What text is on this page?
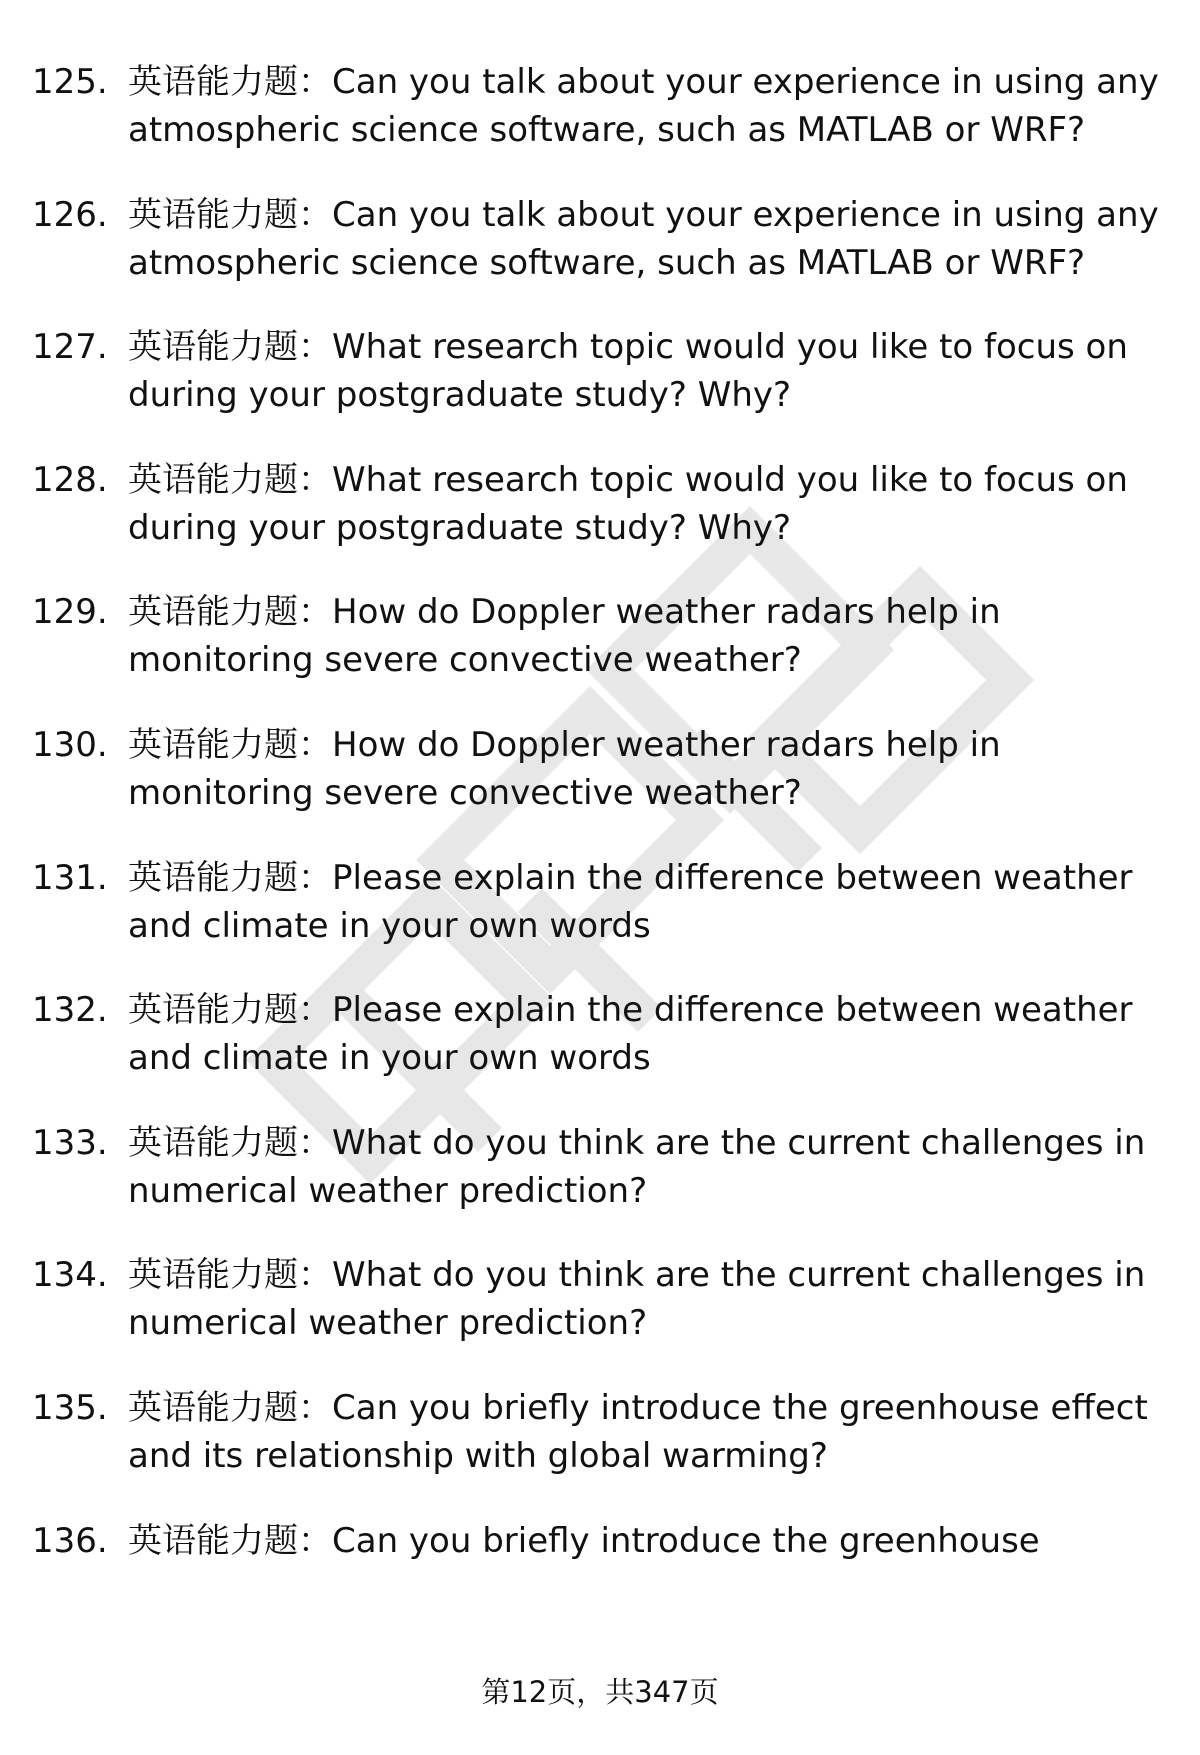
125. 英语能力题：Can you talk about your experience in using any atmospheric science software, such as MATLAB or WRF?
126. 英语能力题：Can you talk about your experience in using any atmospheric science software, such as MATLAB or WRF?
127. 英语能力题：What research topic would you like to focus on during your postgraduate study? Why?
128. 英语能力题：What research topic would you like to focus on during your postgraduate study? Why?
129. 英语能力题：How do Doppler weather radars help in monitoring severe convective weather?
130. 英语能力题：How do Doppler weather radars help in monitoring severe convective weather?
131. 英语能力题：Please explain the difference between weather and climate in your own words
132. 英语能力题：Please explain the difference between weather and climate in your own words
133. 英语能力题：What do you think are the current challenges in numerical weather prediction?
134. 英语能力题：What do you think are the current challenges in numerical weather prediction?
135. 英语能力题：Can you briefly introduce the greenhouse effect and its relationship with global warming?
136. 英语能力题：Can you briefly introduce the greenhouse
第12页，共347页
